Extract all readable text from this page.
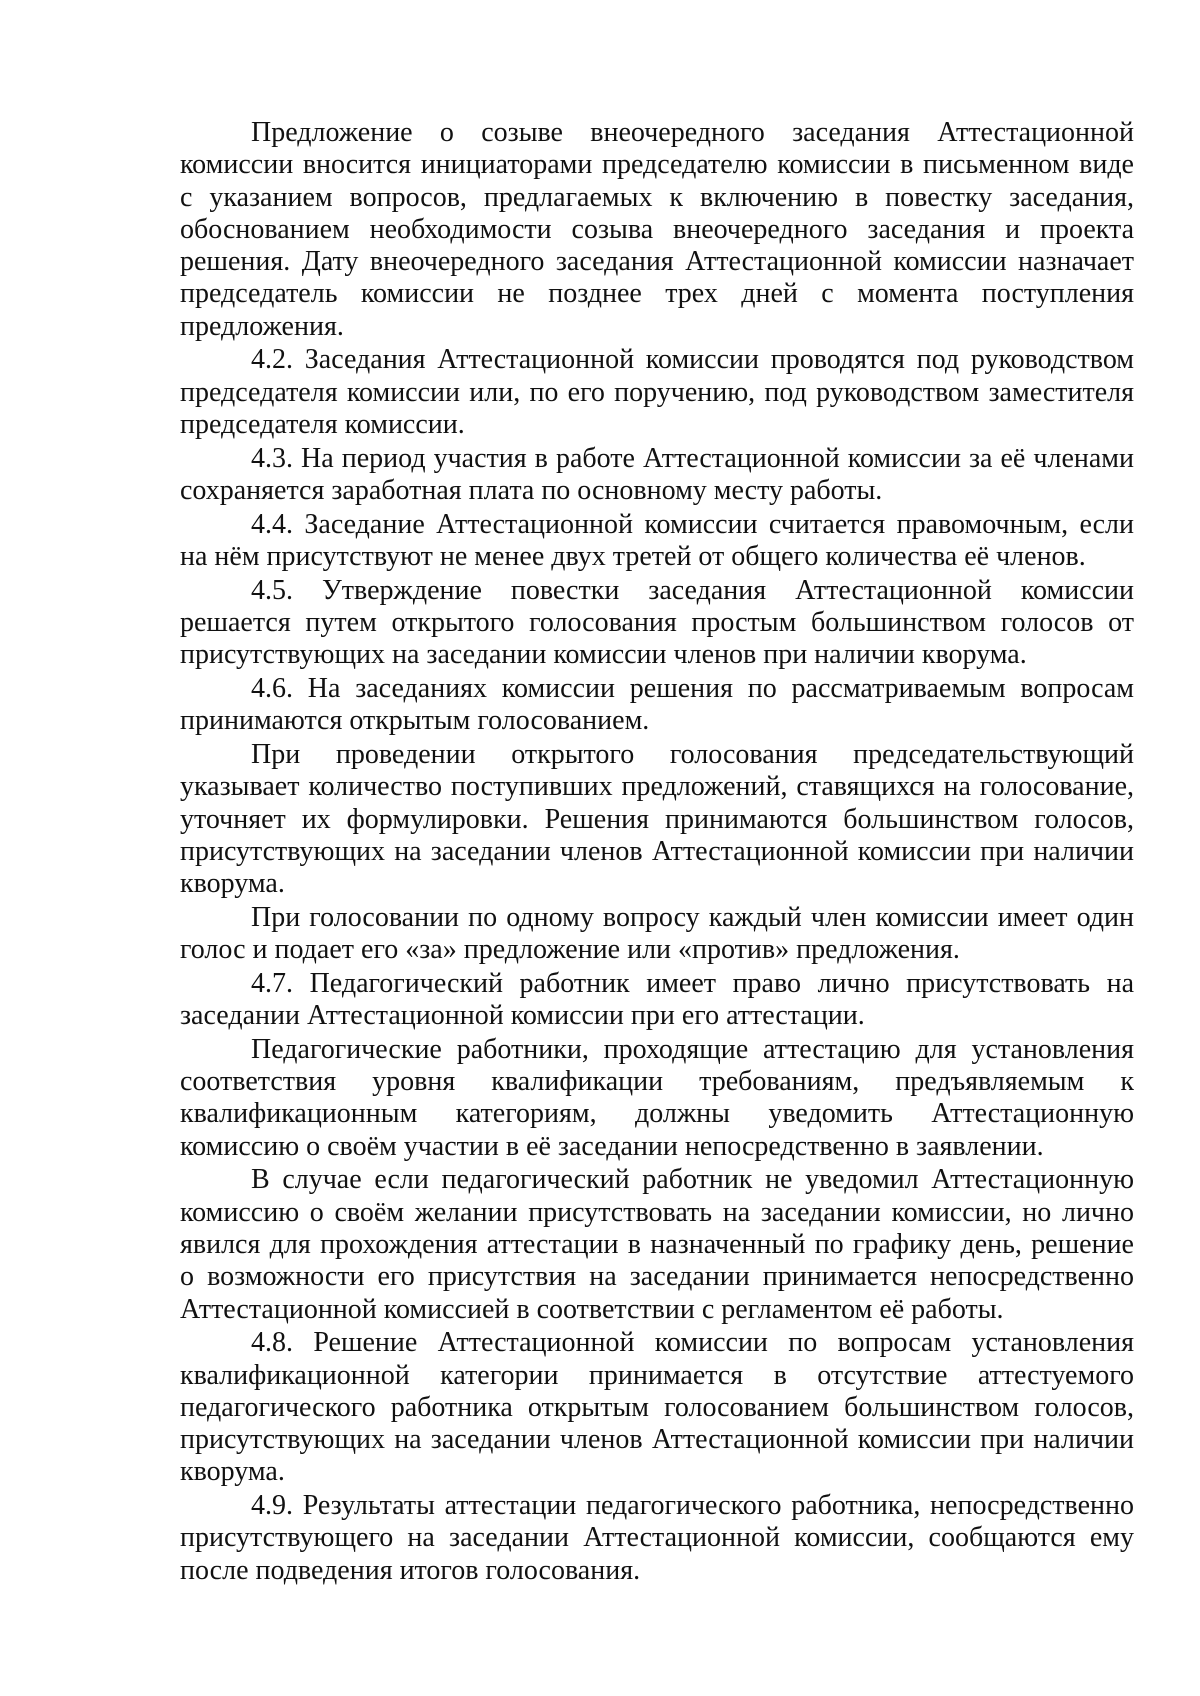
Предложение о созыве внеочередного заседания Аттестационной комиссии вносится инициаторами председателю комиссии в письменном виде с указанием вопросов, предлагаемых к включению в повестку заседания, обоснованием необходимости созыва внеочередного заседания и проекта решения. Дату внеочередного заседания Аттестационной комиссии назначает председатель комиссии не позднее трех дней с момента поступления предложения.

4.2. Заседания Аттестационной комиссии проводятся под руководством председателя комиссии или, по его поручению, под руководством заместителя председателя комиссии.

4.3. На период участия в работе Аттестационной комиссии за её членами сохраняется заработная плата по основному месту работы.

4.4. Заседание Аттестационной комиссии считается правомочным, если на нём присутствуют не менее двух третей от общего количества её членов.

4.5. Утверждение повестки заседания Аттестационной комиссии решается путем открытого голосования простым большинством голосов от присутствующих на заседании комиссии членов при наличии кворума.

4.6. На заседаниях комиссии решения по рассматриваемым вопросам принимаются открытым голосованием.

При проведении открытого голосования председательствующий указывает количество поступивших предложений, ставящихся на голосование, уточняет их формулировки. Решения принимаются большинством голосов, присутствующих на заседании членов Аттестационной комиссии при наличии кворума.

При голосовании по одному вопросу каждый член комиссии имеет один голос и подает его «за» предложение или «против» предложения.

4.7. Педагогический работник имеет право лично присутствовать на заседании Аттестационной комиссии при его аттестации.

Педагогические работники, проходящие аттестацию для установления соответствия уровня квалификации требованиям, предъявляемым к квалификационным категориям, должны уведомить Аттестационную комиссию о своём участии в её заседании непосредственно в заявлении.

В случае если педагогический работник не уведомил Аттестационную комиссию о своём желании присутствовать на заседании комиссии, но лично явился для прохождения аттестации в назначенный по графику день, решение о возможности его присутствия на заседании принимается непосредственно Аттестационной комиссией в соответствии с регламентом её работы.

4.8. Решение Аттестационной комиссии по вопросам установления квалификационной категории принимается в отсутствие аттестуемого педагогического работника открытым голосованием большинством голосов, присутствующих на заседании членов Аттестационной комиссии при наличии кворума.

4.9. Результаты аттестации педагогического работника, непосредственно присутствующего на заседании Аттестационной комиссии, сообщаются ему после подведения итогов голосования.
